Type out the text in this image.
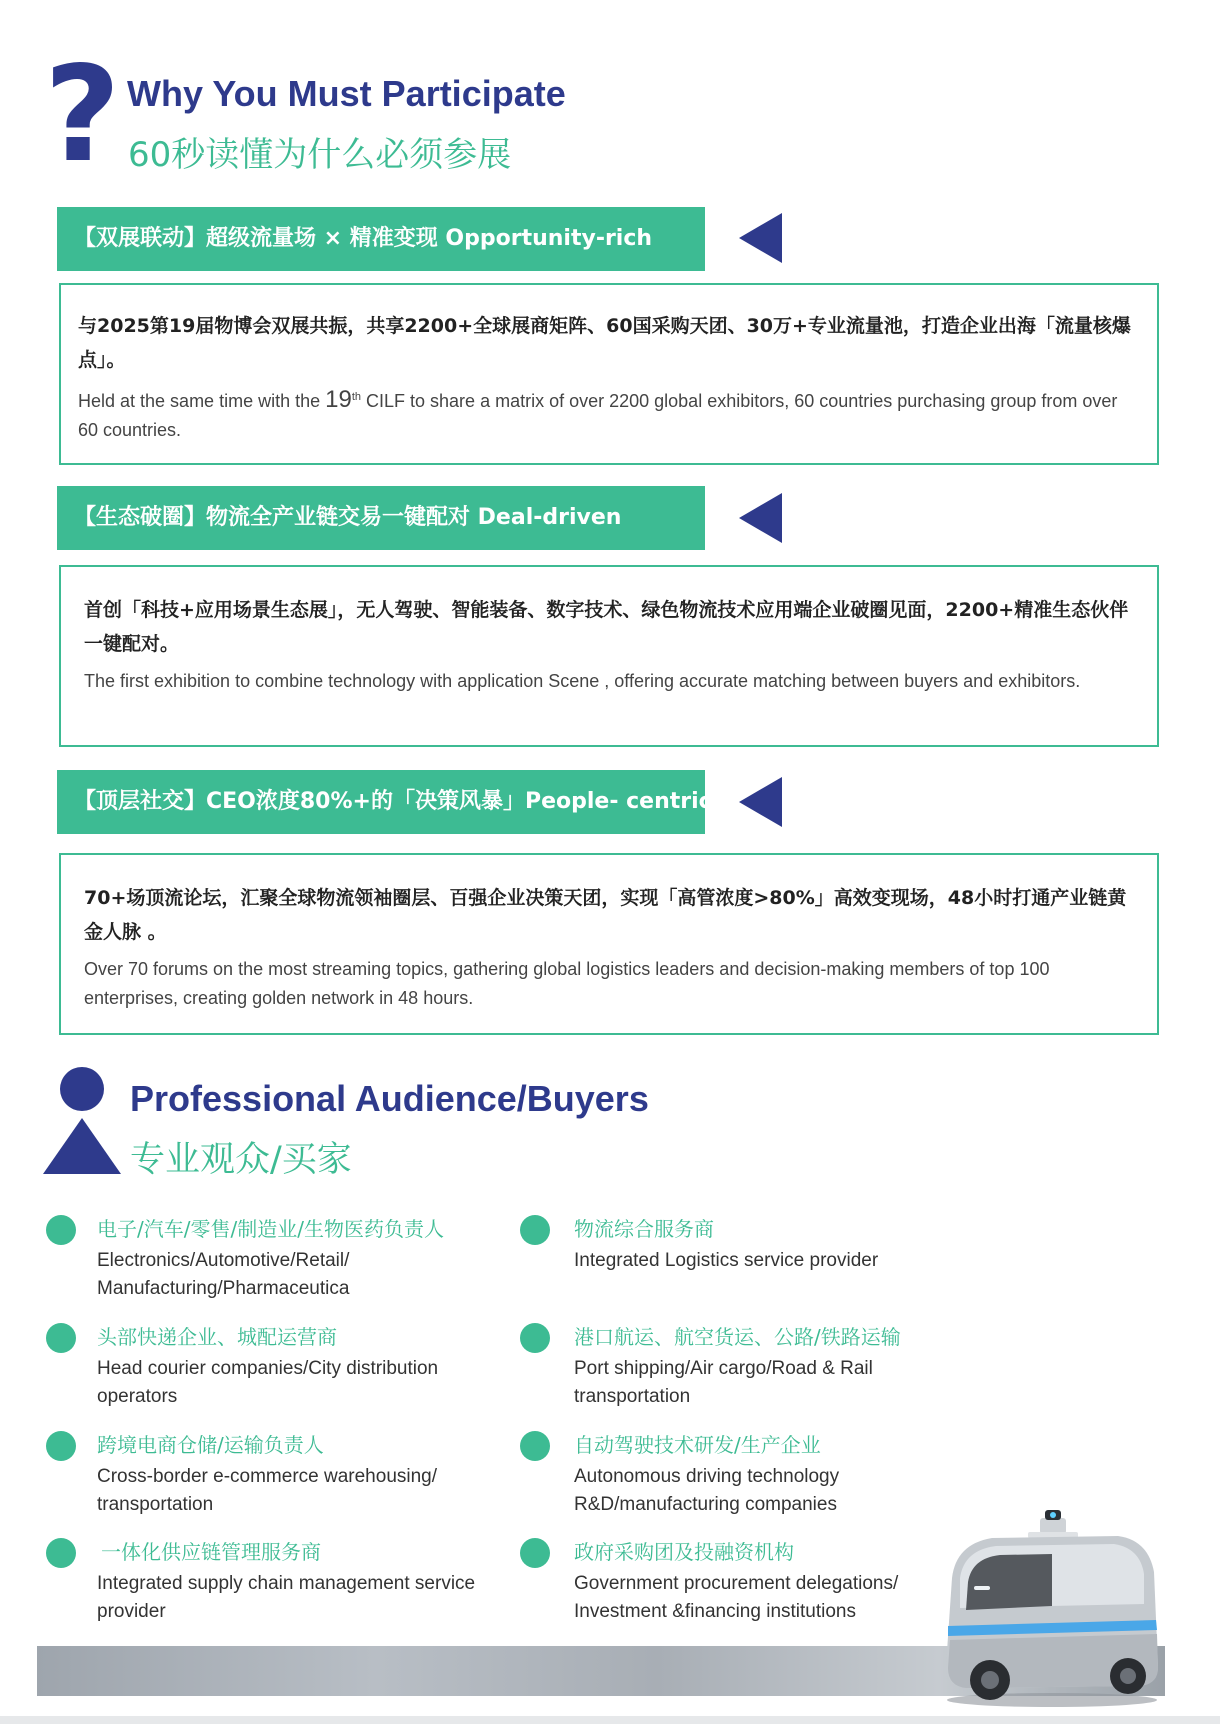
? Why You Must Participate
60秒读懂为什么必须参展
【双展联动】超级流量场 × 精准变现 Opportunity-rich
与2025第19届物博会双展共振，共享2200+全球展商矩阵、60国采购天团、30万+专业流量池，打造企业出海「流量核爆点」。
Held at the same time with the 19th CILF to share a matrix of over 2200 global exhibitors, 60 countries purchasing group from over 60 countries.
【生态破圈】物流全产业链交易一键配对 Deal-driven
首创「科技+应用场景生态展」，无人驾驶、智能装备、数字技术、绿色物流技术应用端企业破圈见面，2200+精准生态伙伴一键配对。
The first exhibition to combine technology with application Scene , offering accurate matching between buyers and exhibitors.
【顶层社交】CEO浓度80%+的「决策风暴」People- centric
70+场顶流论坛，汇聚全球物流领袖圈层、百强企业决策天团，实现「高管浓度>80%」高效变现场，48小时打通产业链黄金人脉 。
Over 70 forums on the most streaming topics, gathering global logistics leaders and decision-making members of top 100 enterprises, creating golden network in 48 hours.
Professional Audience/Buyers
专业观众/买家
电子/汽车/零售/制造业/生物医药负责人
Electronics/Automotive/Retail/ Manufacturing/Pharmaceutica
头部快递企业、城配运营商
Head courier companies/City distribution operators
跨境电商仓储/运输负责人
Cross-border e-commerce warehousing/ transportation
一体化供应链管理服务商
Integrated supply chain management service provider
物流综合服务商
Integrated Logistics service provider
港口航运、航空货运、公路/铁路运输
Port shipping/Air cargo/Road & Rail transportation
自动驾驶技术研发/生产企业
Autonomous driving technology R&D/manufacturing companies
政府采购团及投融资机构
Government procurement delegations/ Investment &financing institutions
